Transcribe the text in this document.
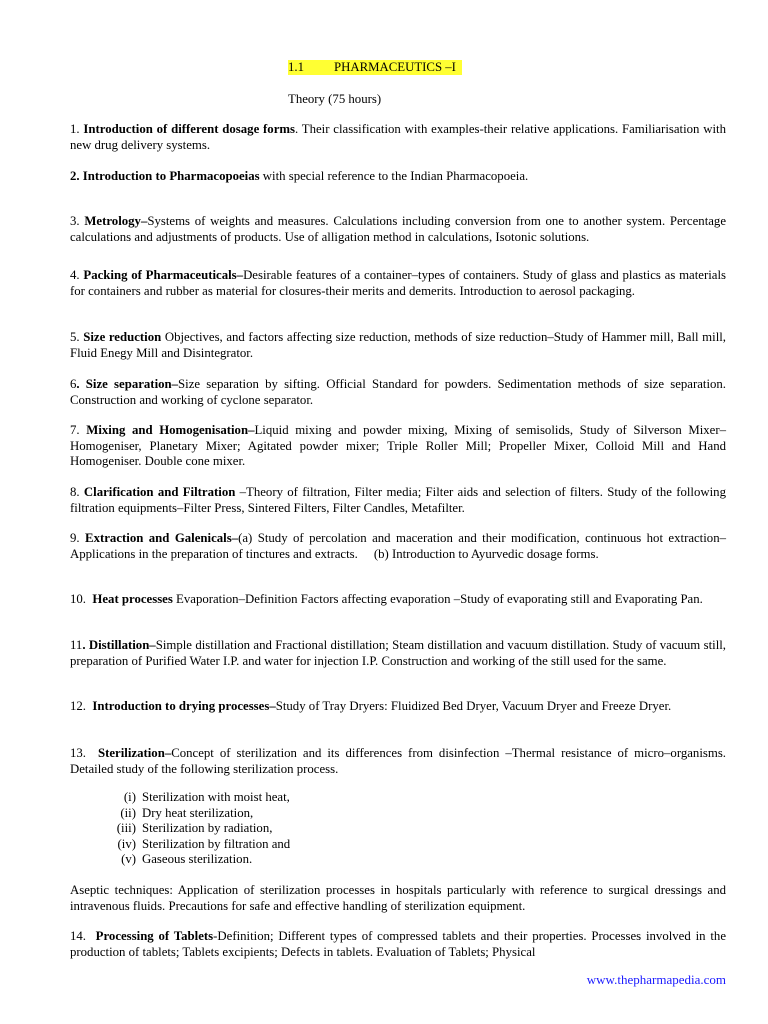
1.1 PHARMACEUTICS –I
Theory (75 hours)
1. Introduction of different dosage forms. Their classification with examples-their relative applications. Familiarisation with new drug delivery systems.
2. Introduction to Pharmacopoeias with special reference to the Indian Pharmacopoeia.
3. Metrology–Systems of weights and measures. Calculations including conversion from one to another system. Percentage calculations and adjustments of products. Use of alligation method in calculations, Isotonic solutions.
4. Packing of Pharmaceuticals–Desirable features of a container–types of containers. Study of glass and plastics as materials for containers and rubber as material for closures-their merits and demerits. Introduction to aerosol packaging.
5. Size reduction Objectives, and factors affecting size reduction, methods of size reduction–Study of Hammer mill, Ball mill, Fluid Enegy Mill and Disintegrator.
6. Size separation–Size separation by sifting. Official Standard for powders. Sedimentation methods of size separation. Construction and working of cyclone separator.
7. Mixing and Homogenisation–Liquid mixing and powder mixing, Mixing of semisolids, Study of Silverson Mixer–Homogeniser, Planetary Mixer; Agitated powder mixer; Triple Roller Mill; Propeller Mixer, Colloid Mill and Hand Homogeniser. Double cone mixer.
8. Clarification and Filtration –Theory of filtration, Filter media; Filter aids and selection of filters. Study of the following filtration equipments–Filter Press, Sintered Filters, Filter Candles, Metafilter.
9. Extraction and Galenicals–(a) Study of percolation and maceration and their modification, continuous hot extraction–Applications in the preparation of tinctures and extracts.     (b) Introduction to Ayurvedic dosage forms.
10. Heat processes Evaporation–Definition Factors affecting evaporation –Study of evaporating still and Evaporating Pan.
11. Distillation–Simple distillation and Fractional distillation; Steam distillation and vacuum distillation. Study of vacuum still, preparation of Purified Water I.P. and water for injection I.P. Construction and working of the still used for the same.
12. Introduction to drying processes–Study of Tray Dryers: Fluidized Bed Dryer, Vacuum Dryer and Freeze Dryer.
13. Sterilization–Concept of sterilization and its differences from disinfection –Thermal resistance of micro–organisms. Detailed study of the following sterilization process.
(i) Sterilization with moist heat,
(ii) Dry heat sterilization,
(iii) Sterilization by radiation,
(iv) Sterilization by filtration and
(v) Gaseous sterilization.
Aseptic techniques: Application of sterilization processes in hospitals particularly with reference to surgical dressings and intravenous fluids. Precautions for safe and effective handling of sterilization equipment.
14. Processing of Tablets-Definition; Different types of compressed tablets and their properties. Processes involved in the production of tablets; Tablets excipients; Defects in tablets. Evaluation of Tablets; Physical
www.thepharmapedia.com
